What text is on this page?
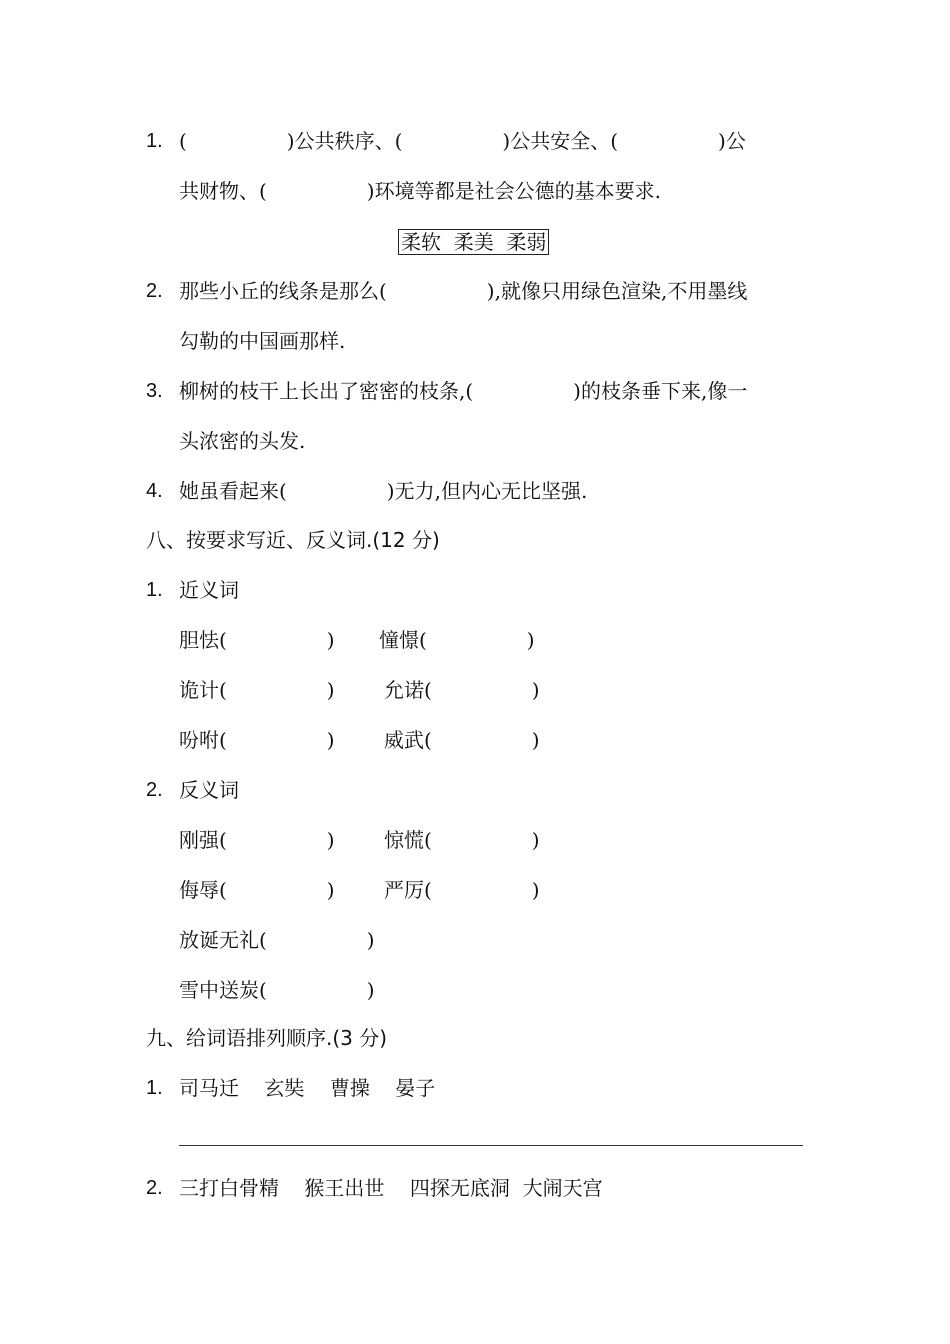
1. (　　　　　)公共秩序、(　　　　　)公共安全、(　　　　　)公
共财物、(　　　　　)环境等都是社会公德的基本要求.
柔软  柔美  柔弱
2. 那些小丘的线条是那么(　　　　　),就像只用绿色渲染,不用墨线
勾勒的中国画那样.
3. 柳树的枝干上长出了密密的枝条,(　　　　　)的枝条垂下来,像一
头浓密的头发.
4. 她虽看起来(　　　　　)无力,但内心无比坚强.
八、按要求写近、反义词.(12 分)
1. 近义词
胆怯(　　　　　) 憧憬(　　　　　)
诡计(　　　　　) 允诺(　　　　　)
吩咐(　　　　　) 威武(　　　　　)
2. 反义词
刚强(　　　　　) 惊慌(　　　　　)
侮辱(　　　　　) 严厉(　　　　　)
放诞无礼(　　　　　)
雪中送炭(　　　　　)
九、给词语排列顺序.(3 分)
1. 司马迁    玄奘    曹操    晏子
2. 三打白骨精    猴王出世    四探无底洞  大闹天宫
